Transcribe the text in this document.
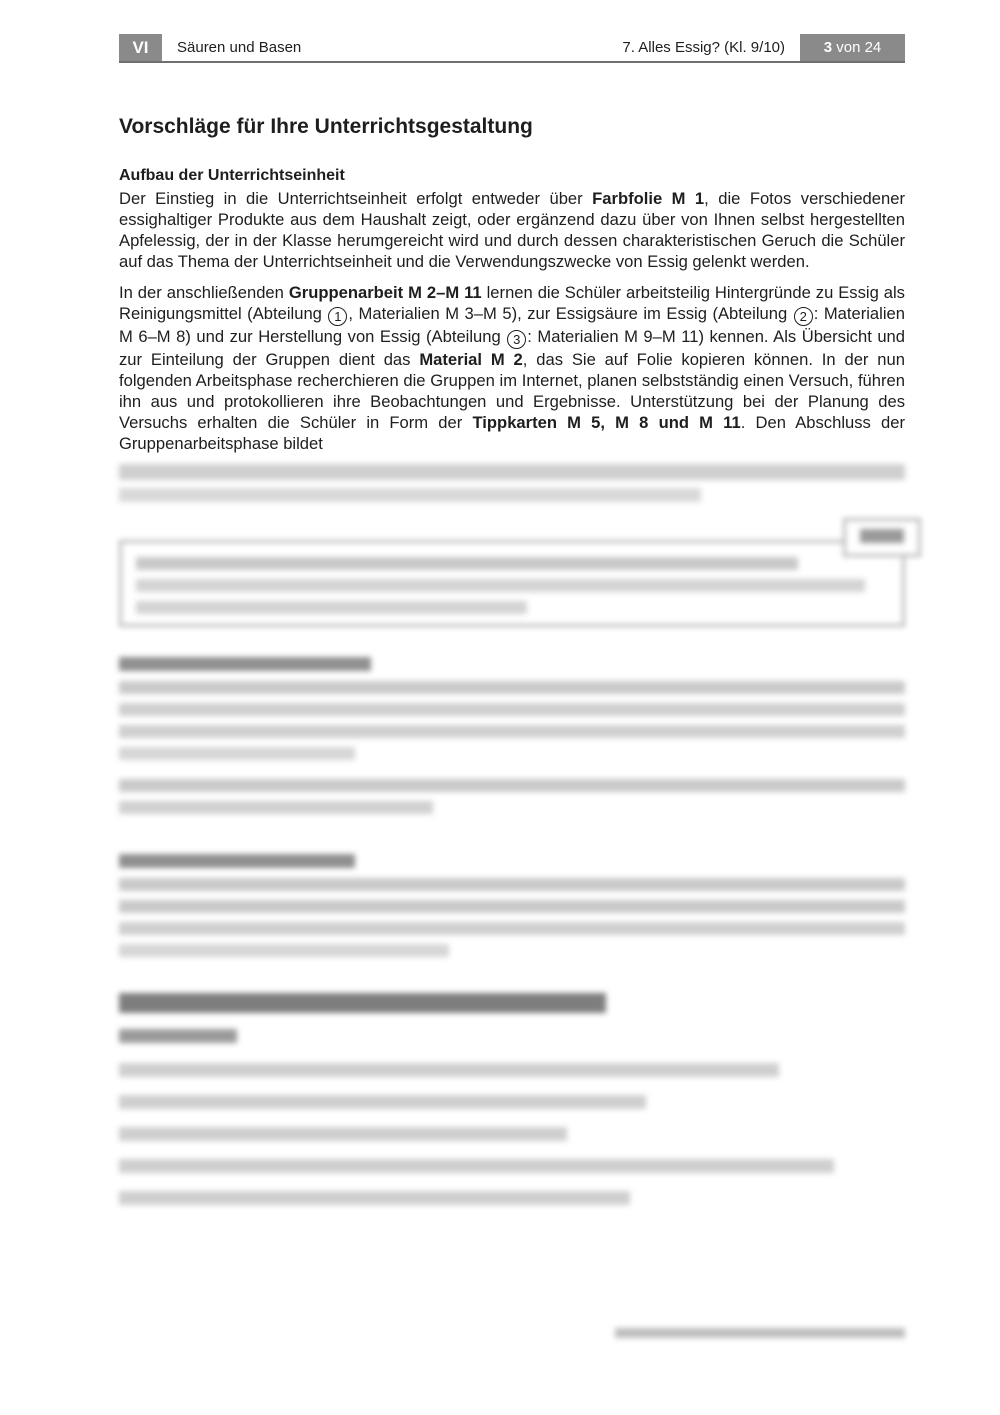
VI	Säuren und Basen	7. Alles Essig? (Kl. 9/10)	3 von 24
Vorschläge für Ihre Unterrichtsgestaltung
Aufbau der Unterrichtseinheit

Der Einstieg in die Unterrichtseinheit erfolgt entweder über Farbfolie M 1, die Fotos verschiedener essighaltiger Produkte aus dem Haushalt zeigt, oder ergänzend dazu über von Ihnen selbst hergestellten Apfelessig, der in der Klasse herumgereicht wird und durch dessen charakteristischen Geruch die Schüler auf das Thema der Unterrichtseinheit und die Verwendungszwecke von Essig gelenkt werden.

In der anschließenden Gruppenarbeit M 2–M 11 lernen die Schüler arbeitsteilig Hintergründe zu Essig als Reinigungsmittel (Abteilung 1 , Materialien M 3–M 5), zur Essigsäure im Essig (Abteilung 2 : Materialien M 6–M 8) und zur Herstellung von Essig (Abteilung 3 : Materialien M 9–M 11) kennen. Als Übersicht und zur Einteilung der Gruppen dient das Material M 2, das Sie auf Folie kopieren können. In der nun folgenden Arbeitsphase recherchieren die Gruppen im Internet, planen selbstständig einen Versuch, führen ihn aus und protokollieren ihre Beobachtungen und Ergebnisse. Unterstützung bei der Planung des Versuchs erhalten die Schüler in Form der Tippkarten M 5, M 8 und M 11. Den Abschluss der Gruppenarbeitsphase bildet
